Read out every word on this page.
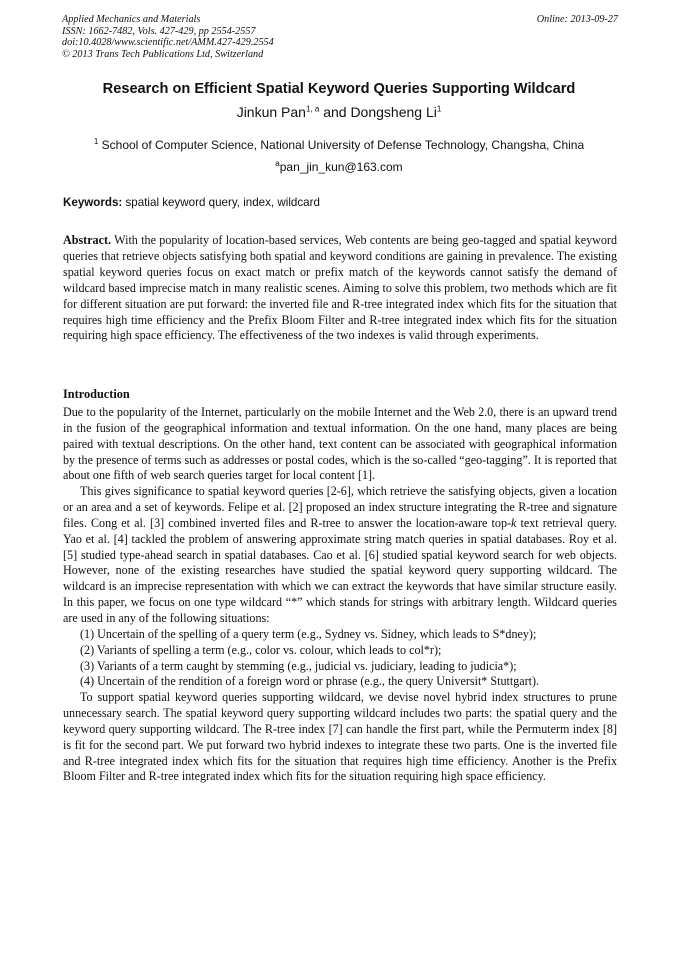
Applied Mechanics and Materials
ISSN: 1662-7482, Vols. 427-429, pp 2554-2557
doi:10.4028/www.scientific.net/AMM.427-429.2554
© 2013 Trans Tech Publications Ltd, Switzerland
Online: 2013-09-27
Research on Efficient Spatial Keyword Queries Supporting Wildcard
Jinkun Pan$^{1, a}$ and Dongsheng Li$^1$
$^1$ School of Computer Science, National University of Defense Technology, Changsha, China
$^a$pan_jin_kun@163.com
Keywords: spatial keyword query, index, wildcard
Abstract. With the popularity of location-based services, Web contents are being geo-tagged and spatial keyword queries that retrieve objects satisfying both spatial and keyword conditions are gaining in prevalence. The existing spatial keyword queries focus on exact match or prefix match of the keywords cannot satisfy the demand of wildcard based imprecise match in many realistic scenes. Aiming to solve this problem, two methods which are fit for different situation are put forward: the inverted file and R-tree integrated index which fits for the situation that requires high time efficiency and the Prefix Bloom Filter and R-tree integrated index which fits for the situation requiring high space efficiency. The effectiveness of the two indexes is valid through experiments.
Introduction

Due to the popularity of the Internet, particularly on the mobile Internet and the Web 2.0, there is an upward trend in the fusion of the geographical information and textual information. On the one hand, many places are being paired with textual descriptions. On the other hand, text content can be associated with geographical information by the presence of terms such as addresses or postal codes, which is the so-called “geo-tagging”. It is reported that about one fifth of web search queries target for local content [1].

This gives significance to spatial keyword queries [2-6], which retrieve the satisfying objects, given a location or an area and a set of keywords. Felipe et al. [2] proposed an index structure integrating the R-tree and signature files. Cong et al. [3] combined inverted files and R-tree to answer the location-aware top-k text retrieval query. Yao et al. [4] tackled the problem of answering approximate string match queries in spatial databases. Roy et al. [5] studied type-ahead search in spatial databases. Cao et al. [6] studied spatial keyword search for web objects. However, none of the existing researches have studied the spatial keyword query supporting wildcard. The wildcard is an imprecise representation with which we can extract the keywords that have similar structure easily. In this paper, we focus on one type wildcard “*” which stands for strings with arbitrary length. Wildcard queries are used in any of the following situations:

(1) Uncertain of the spelling of a query term (e.g., Sydney vs. Sidney, which leads to S*dney);

(2) Variants of spelling a term (e.g., color vs. colour, which leads to col*r);

(3) Variants of a term caught by stemming (e.g., judicial vs. judiciary, leading to judicia*);

(4) Uncertain of the rendition of a foreign word or phrase (e.g., the query Universit* Stuttgart).

To support spatial keyword queries supporting wildcard, we devise novel hybrid index structures to prune unnecessary search. The spatial keyword query supporting wildcard includes two parts: the spatial query and the keyword query supporting wildcard. The R-tree index [7] can handle the first part, while the Permuterm index [8] is fit for the second part. We put forward two hybrid indexes to integrate these two parts. One is the inverted file and R-tree integrated index which fits for the situation that requires high time efficiency. Another is the Prefix Bloom Filter and R-tree integrated index which fits for the situation requiring high space efficiency.
